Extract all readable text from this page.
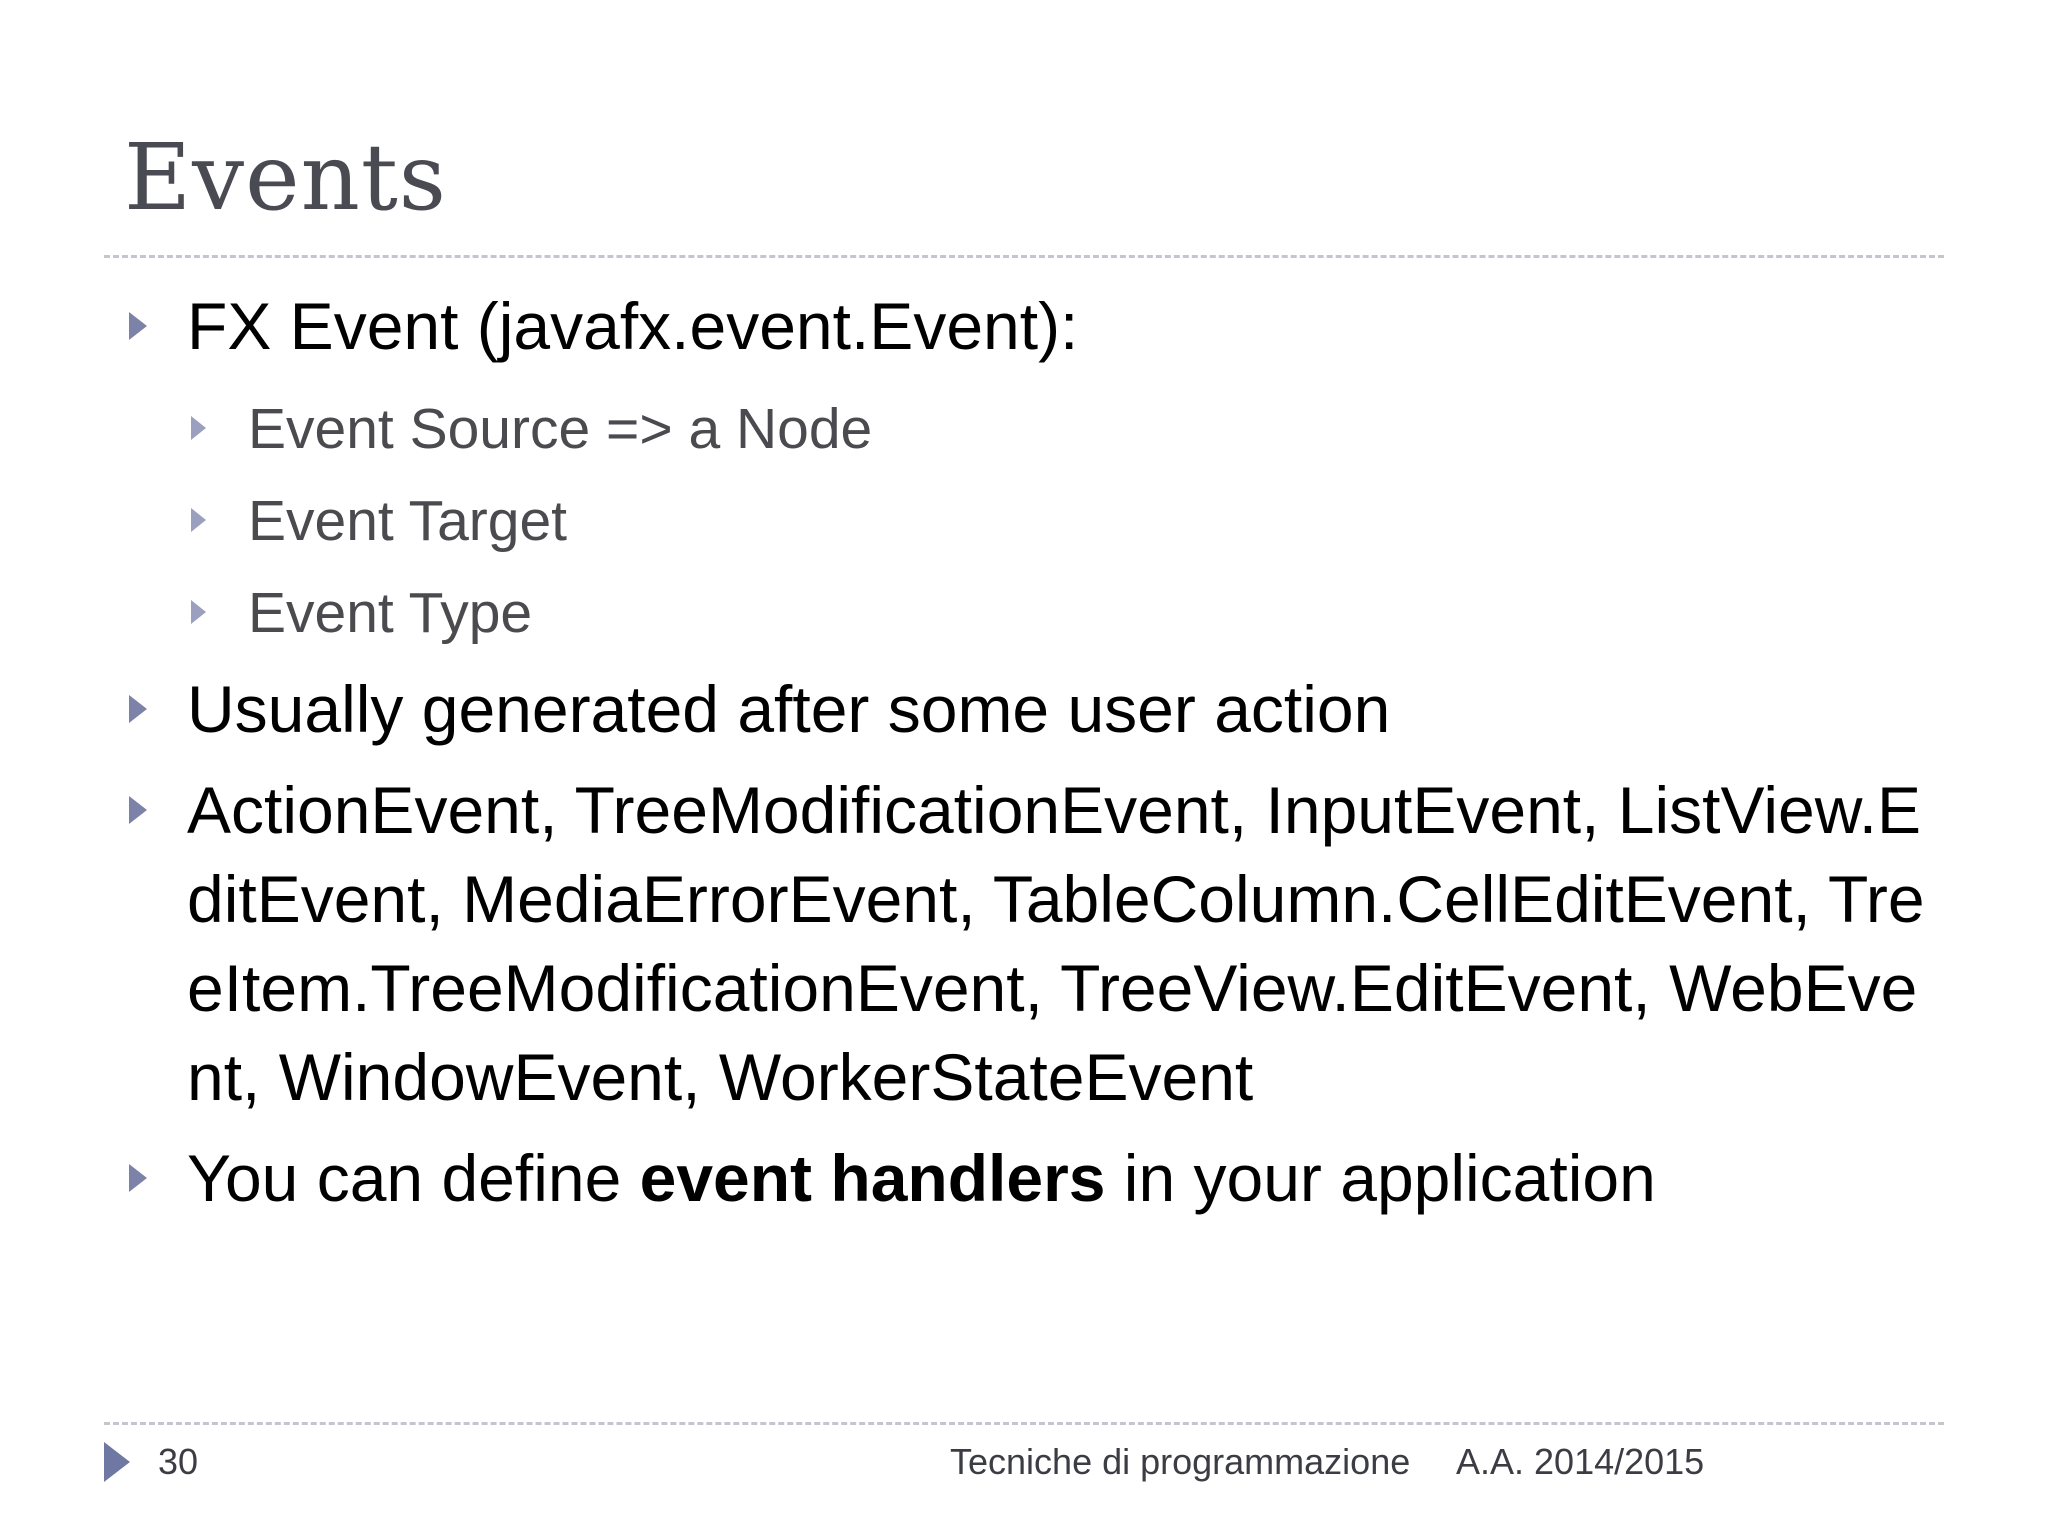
Events
FX Event (javafx.event.Event):
Event Source => a Node
Event Target
Event Type
Usually generated after some user action
ActionEvent, TreeModificationEvent, InputEvent, ListView.EditEvent, MediaErrorEvent, TableColumn.CellEditEvent, TreeItem.TreeModificationEvent, TreeView.EditEvent, WebEvent, WindowEvent, WorkerStateEvent
You can define event handlers in your application
30	Tecniche di programmazione A.A. 2014/2015
